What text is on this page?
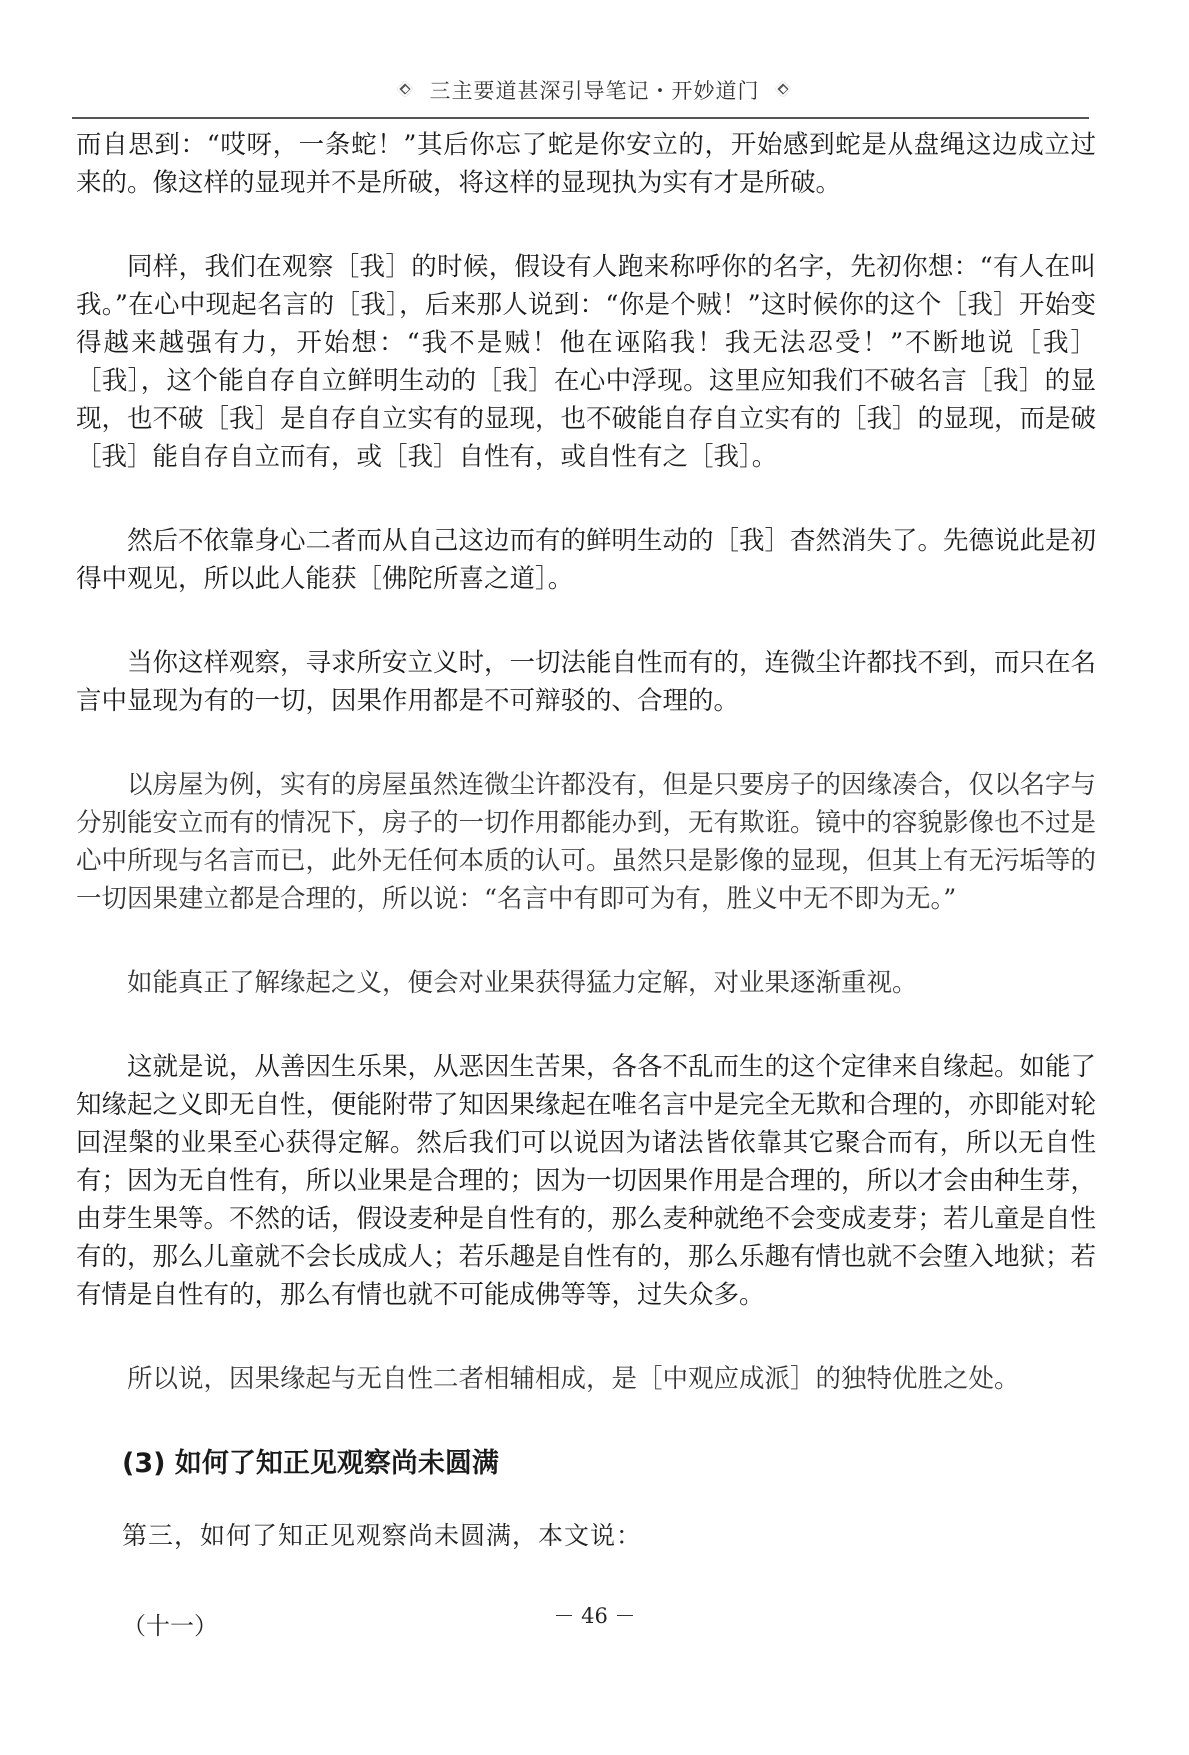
三主要道甚深引导笔记・开妙道门

而自思到：“哎呀，一条蛇！”其后你忘了蛇是你安立的，开始感到蛇是从盘绳这边成立过来的。像这样的显现并不是所破，将这样的显现执为实有才是所破。

同样，我们在观察［我］的时候，假设有人跑来称呼你的名字，先初你想：“有人在叫我。”在心中现起名言的［我］，后来那人说到：“你是个贼！”这时候你的这个［我］开始变得越来越强有力，开始想：“我不是贼！他在诬陷我！我无法忍受！”不断地说［我］［我］，这个能自存自立鲜明生动的［我］在心中浮现。这里应知我们不破名言［我］的显现，也不破［我］是自存自立实有的显现，也不破能自存自立实有的［我］的显现，而是破［我］能自存自立而有，或［我］自性有，或自性有之［我］。

然后不依靠身心二者而从自己这边而有的鲜明生动的［我］杳然消失了。先德说此是初得中观见，所以此人能获［佛陀所喜之道］。

当你这样观察，寻求所安立义时，一切法能自性而有的，连微尘许都找不到，而只在名言中显现为有的一切，因果作用都是不可辩驳的、合理的。

以房屋为例，实有的房屋虽然连微尘许都没有，但是只要房子的因缘凑合，仅以名字与分别能安立而有的情况下，房子的一切作用都能办到，无有欺诳。镜中的容貌影像也不过是心中所现与名言而已，此外无任何本质的认可。虽然只是影像的显现，但其上有无污垢等的一切因果建立都是合理的，所以说：“名言中有即可为有，胜义中无不即为无。”

如能真正了解缘起之义，便会对业果获得猛力定解，对业果逐渐重视。

这就是说，从善因生乐果，从恶因生苦果，各各不乱而生的这个定律来自缘起。如能了知缘起之义即无自性，便能附带了知因果缘起在唯名言中是完全无欺和合理的，亦即能对轮回涅槃的业果至心获得定解。然后我们可以说因为诸法皆依靠其它聚合而有，所以无自性有；因为无自性有，所以业果是合理的；因为一切因果作用是合理的，所以才会由种生芽，由芽生果等。不然的话，假设麦种是自性有的，那么麦种就绝不会变成麦芽；若儿童是自性有的，那么儿童就不会长成成人；若乐趣是自性有的，那么乐趣有情也就不会堕入地狱；若有情是自性有的，那么有情也就不可能成佛等等，过失众多。

所以说，因果缘起与无自性二者相辅相成，是［中观应成派］的独特优胜之处。

(3) 如何了知正见观察尚未圆满
第三，如何了知正见观察尚未圆满，本文说：
（十一）	－ 46 －
